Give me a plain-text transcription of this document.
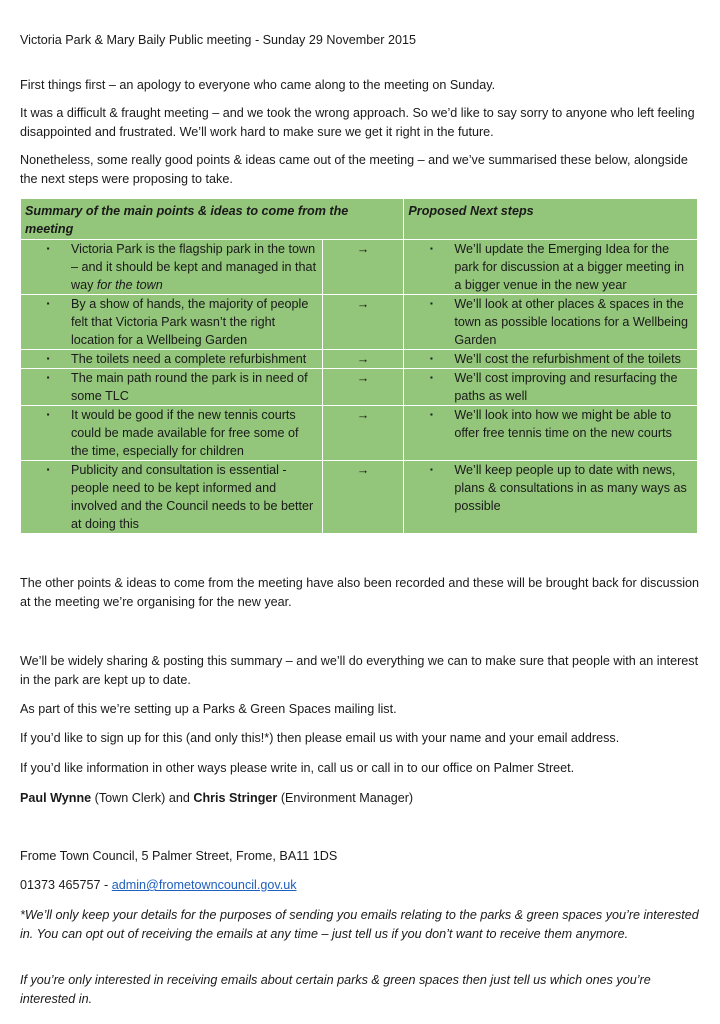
Victoria Park & Mary Baily Public meeting - Sunday 29 November 2015

First things first – an apology to everyone who came along to the meeting on Sunday.

It was a difficult & fraught meeting – and we took the wrong approach. So we’d like to say sorry to anyone who left feeling disappointed and frustrated. We’ll work hard to make sure we get it right in the future.

Nonetheless, some really good points & ideas came out of the meeting – and we’ve summarised these below, alongside the next steps were proposing to take.

Summary of the main points & ideas to come from the meeting		Proposed Next steps

▪ Victoria Park is the flagship park in the town – and it should be kept and managed in that way for the town	→	▪ We’ll update the Emerging Idea for the park for discussion at a bigger meeting in a bigger venue in the new year

▪ By a show of hands, the majority of people felt that Victoria Park wasn’t the right location for a Wellbeing Garden	→	▪ We’ll look at other places & spaces in the town as possible locations for a Wellbeing Garden

▪ The toilets need a complete refurbishment	→	▪ We’ll cost the refurbishment of the toilets

▪ The main path round the park is in need of some TLC	→	▪ We’ll cost improving and resurfacing the paths as well

▪ It would be good if the new tennis courts could be made available for free some of the time, especially for children	→	▪ We’ll look into how we might be able to offer free tennis time on the new courts

▪ Publicity and consultation is essential - people need to be kept informed and involved and the Council needs to be better at doing this	→	▪ We’ll keep people up to date with news, plans & consultations in as many ways as possible

The other points & ideas to come from the meeting have also been recorded and these will be brought back for discussion at the meeting we’re organising for the new year.

We’ll be widely sharing & posting this summary – and we’ll do everything we can to make sure that people with an interest in the park are kept up to date.

As part of this we’re setting up a Parks & Green Spaces mailing list.

If you’d like to sign up for this (and only this!*) then please email us with your name and your email address.

If you’d like information in other ways please write in, call us or call in to our office on Palmer Street.

Paul Wynne (Town Clerk) and Chris Stringer (Environment Manager)

Frome Town Council, 5 Palmer Street, Frome, BA11 1DS

01373 465757 - admin@frometowncouncil.gov.uk

*We’ll only keep your details for the purposes of sending you emails relating to the parks & green spaces you’re interested in. You can opt out of receiving the emails at any time – just tell us if you don’t want to receive them anymore.

If you’re only interested in receiving emails about certain parks & green spaces then just tell us which ones you’re interested in.
